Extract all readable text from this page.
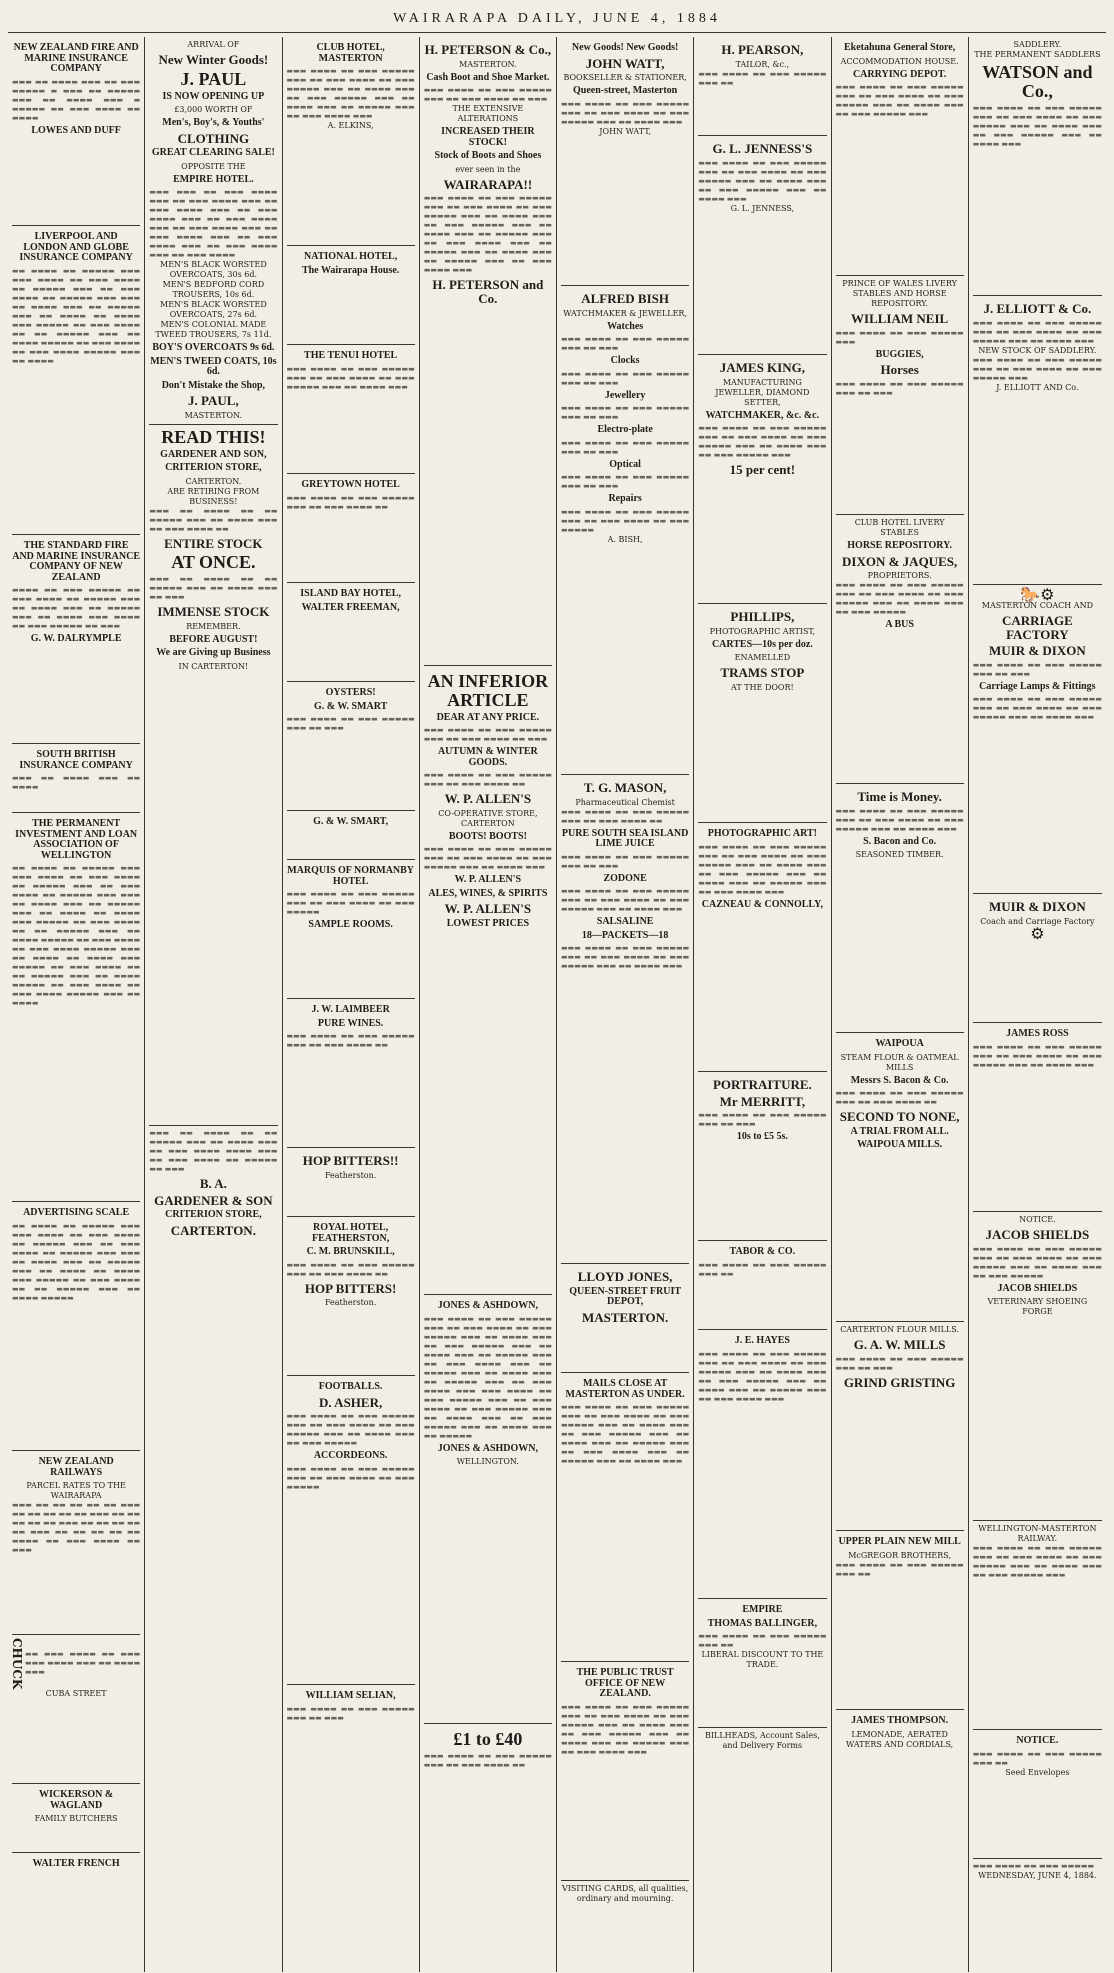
WAIRARAPA DAILY, JUNE 4, 1884
NEW ZEALAND FIRE AND MARINE INSURANCE COMPANY
▬▬▬ ▬▬ ▬▬▬▬ ▬▬▬ ▬▬ ▬▬▬ ▬▬▬▬▬ ▬ ▬▬▬ ▬▬ ▬▬▬▬▬ ▬▬▬ ▬▬ ▬▬▬▬ ▬▬▬ ▬ ▬▬▬▬▬ ▬▬ ▬▬▬ ▬▬▬▬ ▬▬ ▬▬▬▬
LOWES AND DUFF
LIVERPOOL AND LONDON AND GLOBE INSURANCE COMPANY
▬▬ ▬▬▬▬ ▬▬ ▬▬▬▬▬ ▬▬▬ ▬▬▬ ▬▬▬▬ ▬▬ ▬▬▬ ▬▬▬▬ ▬▬ ▬▬▬▬▬ ▬▬▬ ▬▬ ▬▬▬ ▬▬▬▬ ▬▬ ▬▬▬▬▬ ▬▬▬ ▬▬▬ ▬▬ ▬▬▬▬ ▬▬▬ ▬▬ ▬▬▬▬▬ ▬▬▬ ▬▬ ▬▬▬▬ ▬▬ ▬▬▬▬ ▬▬▬ ▬▬▬▬▬ ▬▬ ▬▬▬ ▬▬▬▬ ▬▬ ▬▬ ▬▬▬▬▬ ▬▬▬ ▬▬ ▬▬▬▬ ▬▬▬▬▬ ▬▬ ▬▬▬ ▬▬▬▬ ▬▬ ▬▬▬ ▬▬▬▬ ▬▬▬▬▬ ▬▬▬ ▬▬ ▬▬▬▬
THE STANDARD FIRE AND MARINE INSURANCE COMPANY OF NEW ZEALAND
▬▬▬▬ ▬▬ ▬▬▬ ▬▬▬▬▬ ▬▬ ▬▬▬ ▬▬▬▬ ▬▬ ▬▬▬▬▬ ▬▬▬ ▬▬ ▬▬▬▬ ▬▬▬ ▬▬ ▬▬▬▬▬ ▬▬▬ ▬▬ ▬▬▬▬ ▬▬▬ ▬▬▬▬ ▬▬ ▬▬▬ ▬▬▬▬▬ ▬▬ ▬▬▬
G. W. DALRYMPLE
SOUTH BRITISH INSURANCE COMPANY
▬▬▬ ▬▬ ▬▬▬▬ ▬▬▬ ▬▬ ▬▬▬▬
THE PERMANENT INVESTMENT AND LOAN ASSOCIATION OF WELLINGTON
▬▬ ▬▬▬▬ ▬▬ ▬▬▬▬▬ ▬▬▬ ▬▬▬ ▬▬▬▬ ▬▬ ▬▬▬ ▬▬▬▬ ▬▬ ▬▬▬▬▬ ▬▬▬ ▬▬ ▬▬▬ ▬▬▬▬ ▬▬ ▬▬▬▬▬ ▬▬▬ ▬▬▬ ▬▬ ▬▬▬▬ ▬▬▬ ▬▬ ▬▬▬▬▬ ▬▬▬ ▬▬ ▬▬▬▬ ▬▬ ▬▬▬▬ ▬▬▬ ▬▬▬▬▬ ▬▬ ▬▬▬ ▬▬▬▬ ▬▬ ▬▬ ▬▬▬▬▬ ▬▬▬ ▬▬ ▬▬▬▬ ▬▬▬▬▬ ▬▬ ▬▬▬ ▬▬▬▬ ▬▬ ▬▬▬ ▬▬▬▬ ▬▬▬▬▬ ▬▬▬ ▬▬ ▬▬▬▬ ▬▬ ▬▬▬▬ ▬▬▬ ▬▬▬▬▬ ▬▬ ▬▬▬ ▬▬▬▬ ▬▬ ▬▬ ▬▬▬▬▬ ▬▬▬ ▬▬ ▬▬▬▬ ▬▬▬▬▬ ▬▬ ▬▬▬ ▬▬▬▬ ▬▬ ▬▬▬ ▬▬▬▬ ▬▬▬▬▬ ▬▬▬ ▬▬ ▬▬▬▬
ADVERTISING SCALE
▬▬ ▬▬▬▬ ▬▬ ▬▬▬▬▬ ▬▬▬ ▬▬▬ ▬▬▬▬ ▬▬ ▬▬▬ ▬▬▬▬ ▬▬ ▬▬▬▬▬ ▬▬▬ ▬▬ ▬▬▬ ▬▬▬▬ ▬▬ ▬▬▬▬▬ ▬▬▬ ▬▬▬ ▬▬ ▬▬▬▬ ▬▬▬ ▬▬ ▬▬▬▬▬ ▬▬▬ ▬▬ ▬▬▬▬ ▬▬ ▬▬▬▬ ▬▬▬ ▬▬▬▬▬ ▬▬ ▬▬▬ ▬▬▬▬ ▬▬ ▬▬ ▬▬▬▬▬ ▬▬▬ ▬▬ ▬▬▬▬ ▬▬▬▬▬
NEW ZEALAND RAILWAYS
PARCEL RATES TO THE WAIRARAPA
▬▬▬ ▬▬ ▬▬ ▬▬ ▬▬ ▬▬ ▬▬▬ ▬▬ ▬▬ ▬▬ ▬▬ ▬▬ ▬▬▬ ▬▬ ▬▬ ▬▬ ▬▬ ▬▬ ▬▬▬ ▬▬ ▬▬ ▬▬ ▬▬ ▬▬ ▬▬▬ ▬▬ ▬▬ ▬▬ ▬▬ ▬▬ ▬▬▬▬ ▬▬ ▬▬▬ ▬▬▬▬ ▬▬ ▬▬▬
CHUCK ▬▬ ▬▬▬ ▬▬▬▬ ▬▬ ▬▬▬ ▬▬▬ ▬▬▬▬ ▬▬▬ ▬▬ ▬▬▬▬ ▬▬▬
CUBA STREET
WICKERSON & WAGLAND
FAMILY BUTCHERS
WALTER FRENCH
ARRIVAL OF
New Winter Goods!
J. PAUL
IS NOW OPENING UP
£3,000 WORTH OF
Men's, Boy's, & Youths'
CLOTHING
GREAT CLEARING SALE!
OPPOSITE THE
EMPIRE HOTEL.
▬▬▬ ▬▬▬ ▬▬ ▬▬▬ ▬▬▬▬ ▬▬▬ ▬▬ ▬▬▬ ▬▬▬▬ ▬▬▬ ▬▬ ▬▬▬ ▬▬▬▬ ▬▬▬ ▬▬ ▬▬▬ ▬▬▬▬ ▬▬▬ ▬▬ ▬▬▬ ▬▬▬▬ ▬▬▬ ▬▬ ▬▬▬ ▬▬▬▬ ▬▬▬ ▬▬ ▬▬▬ ▬▬▬▬ ▬▬▬ ▬▬ ▬▬▬ ▬▬▬▬ ▬▬▬ ▬▬ ▬▬▬ ▬▬▬▬ ▬▬▬ ▬▬ ▬▬▬ ▬▬▬▬
MEN'S BLACK WORSTED OVERCOATS, 30s 6d.
MEN'S BEDFORD CORD TROUSERS, 10s 6d.
MEN'S BLACK WORSTED OVERCOATS, 27s 6d.
MEN'S COLONIAL MADE TWEED TROUSERS, 7s 11d.
BOY'S OVERCOATS 9s 6d.
MEN'S TWEED COATS, 10s 6d.
Don't Mistake the Shop,
J. PAUL,
MASTERTON.
READ THIS!
GARDENER AND SON,
CRITERION STORE,
CARTERTON.
ARE RETIRING FROM BUSINESS!
▬▬▬ ▬▬ ▬▬▬▬ ▬▬ ▬▬ ▬▬▬▬▬ ▬▬▬ ▬▬ ▬▬▬▬ ▬▬▬ ▬▬ ▬▬▬ ▬▬▬▬ ▬▬
ENTIRE STOCK
AT ONCE.
▬▬▬ ▬▬ ▬▬▬▬ ▬▬ ▬▬ ▬▬▬▬▬ ▬▬▬ ▬▬ ▬▬▬▬ ▬▬▬ ▬▬ ▬▬▬
IMMENSE STOCK
REMEMBER.
BEFORE AUGUST!
We are Giving up Business
IN CARTERTON!
▬▬▬ ▬▬ ▬▬▬▬ ▬▬ ▬▬ ▬▬▬▬▬ ▬▬▬ ▬▬ ▬▬▬▬ ▬▬▬ ▬▬ ▬▬▬ ▬▬▬▬ ▬▬▬▬ ▬▬▬ ▬▬ ▬▬▬ ▬▬▬▬ ▬▬ ▬▬▬▬▬ ▬▬ ▬▬▬
B. A.
GARDENER & SON
CRITERION STORE,
CARTERTON.
CLUB HOTEL, MASTERTON
▬▬▬ ▬▬▬▬ ▬▬ ▬▬▬ ▬▬▬▬▬ ▬▬▬ ▬▬ ▬▬▬ ▬▬▬▬ ▬▬ ▬▬▬ ▬▬▬▬▬ ▬▬▬ ▬▬ ▬▬▬▬ ▬▬▬ ▬▬ ▬▬▬ ▬▬▬▬▬ ▬▬▬ ▬▬ ▬▬▬▬ ▬▬▬ ▬▬ ▬▬▬▬▬ ▬▬▬ ▬▬ ▬▬▬ ▬▬▬▬ ▬▬▬
A. ELKINS,
NATIONAL HOTEL,
The Wairarapa House.
THE TENUI HOTEL
▬▬▬ ▬▬▬▬ ▬▬ ▬▬▬ ▬▬▬▬▬ ▬▬▬ ▬▬ ▬▬▬ ▬▬▬▬ ▬▬ ▬▬▬ ▬▬▬▬▬ ▬▬▬ ▬▬ ▬▬▬▬ ▬▬▬
GREYTOWN HOTEL
▬▬▬ ▬▬▬▬ ▬▬ ▬▬▬ ▬▬▬▬▬ ▬▬▬ ▬▬ ▬▬▬ ▬▬▬▬ ▬▬
ISLAND BAY HOTEL,
WALTER FREEMAN,
OYSTERS!
G. & W. SMART
▬▬▬ ▬▬▬▬ ▬▬ ▬▬▬ ▬▬▬▬▬ ▬▬▬ ▬▬ ▬▬▬
G. & W. SMART,
MARQUIS OF NORMANBY HOTEL
▬▬▬ ▬▬▬▬ ▬▬ ▬▬▬ ▬▬▬▬▬ ▬▬▬ ▬▬ ▬▬▬ ▬▬▬▬ ▬▬ ▬▬▬ ▬▬▬▬▬
SAMPLE ROOMS.
J. W. LAIMBEER
PURE WINES.
▬▬▬ ▬▬▬▬ ▬▬ ▬▬▬ ▬▬▬▬▬ ▬▬▬ ▬▬ ▬▬▬ ▬▬▬▬ ▬▬
HOP BITTERS!!
Featherston.
ROYAL HOTEL, FEATHERSTON,
C. M. BRUNSKILL,
▬▬▬ ▬▬▬▬ ▬▬ ▬▬▬ ▬▬▬▬▬ ▬▬▬ ▬▬ ▬▬▬ ▬▬▬▬ ▬▬
HOP BITTERS!
Featherston.
FOOTBALLS.
D. ASHER,
▬▬▬ ▬▬▬▬ ▬▬ ▬▬▬ ▬▬▬▬▬ ▬▬▬ ▬▬ ▬▬▬ ▬▬▬▬ ▬▬ ▬▬▬ ▬▬▬▬▬ ▬▬▬ ▬▬ ▬▬▬▬ ▬▬▬ ▬▬ ▬▬▬ ▬▬▬▬▬
ACCORDEONS.
▬▬▬ ▬▬▬▬ ▬▬ ▬▬▬ ▬▬▬▬▬ ▬▬▬ ▬▬ ▬▬▬ ▬▬▬▬ ▬▬ ▬▬▬ ▬▬▬▬▬
WILLIAM SELIAN,
▬▬▬ ▬▬▬▬ ▬▬ ▬▬▬ ▬▬▬▬▬ ▬▬▬ ▬▬ ▬▬▬
H. PETERSON & Co.,
MASTERTON.
Cash Boot and Shoe Market.
▬▬▬ ▬▬▬▬ ▬▬ ▬▬▬ ▬▬▬▬▬ ▬▬▬ ▬▬ ▬▬▬ ▬▬▬▬ ▬▬ ▬▬▬
THE EXTENSIVE ALTERATIONS
INCREASED THEIR STOCK!
Stock of Boots and Shoes
ever seen in the
WAIRARAPA!!
▬▬▬ ▬▬▬▬ ▬▬ ▬▬▬ ▬▬▬▬▬ ▬▬▬ ▬▬ ▬▬▬ ▬▬▬▬ ▬▬ ▬▬▬ ▬▬▬▬▬ ▬▬▬ ▬▬ ▬▬▬▬ ▬▬▬ ▬▬ ▬▬▬ ▬▬▬▬▬ ▬▬▬ ▬▬ ▬▬▬▬ ▬▬▬ ▬▬ ▬▬▬▬▬ ▬▬▬ ▬▬ ▬▬▬ ▬▬▬▬ ▬▬▬ ▬▬ ▬▬▬▬▬ ▬▬▬ ▬▬ ▬▬▬▬ ▬▬▬ ▬▬ ▬▬▬▬▬ ▬▬▬ ▬▬ ▬▬▬ ▬▬▬▬ ▬▬▬
H. PETERSON and Co.
AN INFERIOR ARTICLE
DEAR AT ANY PRICE.
▬▬▬ ▬▬▬▬ ▬▬ ▬▬▬ ▬▬▬▬▬ ▬▬▬ ▬▬ ▬▬▬ ▬▬▬▬ ▬▬ ▬▬▬
AUTUMN & WINTER GOODS.
▬▬▬ ▬▬▬▬ ▬▬ ▬▬▬ ▬▬▬▬▬ ▬▬▬ ▬▬ ▬▬▬ ▬▬▬▬ ▬▬
W. P. ALLEN'S
CO-OPERATIVE STORE, CARTERTON
BOOTS! BOOTS!
▬▬▬ ▬▬▬▬ ▬▬ ▬▬▬ ▬▬▬▬▬ ▬▬▬ ▬▬ ▬▬▬ ▬▬▬▬ ▬▬ ▬▬▬ ▬▬▬▬▬ ▬▬▬ ▬▬ ▬▬▬▬ ▬▬▬
W. P. ALLEN'S
ALES, WINES, & SPIRITS
W. P. ALLEN'S
LOWEST PRICES
JONES & ASHDOWN,
▬▬▬ ▬▬▬▬ ▬▬ ▬▬▬ ▬▬▬▬▬ ▬▬▬ ▬▬ ▬▬▬ ▬▬▬▬ ▬▬ ▬▬▬ ▬▬▬▬▬ ▬▬▬ ▬▬ ▬▬▬▬ ▬▬▬ ▬▬ ▬▬▬ ▬▬▬▬▬ ▬▬▬ ▬▬ ▬▬▬▬ ▬▬▬ ▬▬ ▬▬▬▬▬ ▬▬▬ ▬▬ ▬▬▬ ▬▬▬▬ ▬▬▬ ▬▬ ▬▬▬▬▬ ▬▬▬ ▬▬ ▬▬▬▬ ▬▬▬ ▬▬ ▬▬▬▬▬ ▬▬▬ ▬▬ ▬▬▬ ▬▬▬▬ ▬▬▬ ▬▬▬ ▬▬▬▬ ▬▬ ▬▬▬ ▬▬▬▬▬ ▬▬▬ ▬▬ ▬▬▬ ▬▬▬▬ ▬▬ ▬▬▬ ▬▬▬▬▬ ▬▬▬ ▬▬ ▬▬▬▬ ▬▬▬ ▬▬ ▬▬▬ ▬▬▬▬▬ ▬▬▬ ▬▬ ▬▬▬▬ ▬▬▬ ▬▬ ▬▬▬▬▬
JONES & ASHDOWN,
WELLINGTON.
£1 to £40
▬▬▬ ▬▬▬▬ ▬▬ ▬▬▬ ▬▬▬▬▬ ▬▬▬ ▬▬ ▬▬▬ ▬▬▬▬ ▬▬
New Goods! New Goods!
JOHN WATT,
BOOKSELLER & STATIONER,
Queen-street, Masterton
▬▬▬ ▬▬▬▬ ▬▬ ▬▬▬ ▬▬▬▬▬ ▬▬▬ ▬▬ ▬▬▬ ▬▬▬▬ ▬▬ ▬▬▬ ▬▬▬▬▬ ▬▬▬ ▬▬ ▬▬▬▬ ▬▬▬
JOHN WATT,
ALFRED BISH
WATCHMAKER & JEWELLER,
Watches
▬▬▬ ▬▬▬▬ ▬▬ ▬▬▬ ▬▬▬▬▬ ▬▬▬ ▬▬ ▬▬▬
Clocks
▬▬▬ ▬▬▬▬ ▬▬ ▬▬▬ ▬▬▬▬▬ ▬▬▬ ▬▬ ▬▬▬
Jewellery
▬▬▬ ▬▬▬▬ ▬▬ ▬▬▬ ▬▬▬▬▬ ▬▬▬ ▬▬ ▬▬▬
Electro-plate
▬▬▬ ▬▬▬▬ ▬▬ ▬▬▬ ▬▬▬▬▬ ▬▬▬ ▬▬ ▬▬▬
Optical
▬▬▬ ▬▬▬▬ ▬▬ ▬▬▬ ▬▬▬▬▬ ▬▬▬ ▬▬ ▬▬▬
Repairs
▬▬▬ ▬▬▬▬ ▬▬ ▬▬▬ ▬▬▬▬▬ ▬▬▬ ▬▬ ▬▬▬ ▬▬▬▬ ▬▬ ▬▬▬ ▬▬▬▬▬
A. BISH,
T. G. MASON,
Pharmaceutical Chemist
▬▬▬ ▬▬▬▬ ▬▬ ▬▬▬ ▬▬▬▬▬ ▬▬▬ ▬▬ ▬▬▬ ▬▬▬▬ ▬▬
PURE SOUTH SEA ISLAND LIME JUICE
▬▬▬ ▬▬▬▬ ▬▬ ▬▬▬ ▬▬▬▬▬ ▬▬▬ ▬▬ ▬▬▬
ZODONE
▬▬▬ ▬▬▬▬ ▬▬ ▬▬▬ ▬▬▬▬▬ ▬▬▬ ▬▬ ▬▬▬ ▬▬▬▬ ▬▬ ▬▬▬ ▬▬▬▬▬ ▬▬▬ ▬▬ ▬▬▬▬ ▬▬▬
SALSALINE
18—PACKETS—18
▬▬▬ ▬▬▬▬ ▬▬ ▬▬▬ ▬▬▬▬▬ ▬▬▬ ▬▬ ▬▬▬ ▬▬▬▬ ▬▬ ▬▬▬ ▬▬▬▬▬ ▬▬▬ ▬▬ ▬▬▬▬ ▬▬▬
LLOYD JONES,
QUEEN-STREET FRUIT DEPOT,
MASTERTON.
MAILS CLOSE AT MASTERTON AS UNDER.
▬▬▬ ▬▬▬▬ ▬▬ ▬▬▬ ▬▬▬▬▬ ▬▬▬ ▬▬ ▬▬▬ ▬▬▬▬ ▬▬ ▬▬▬ ▬▬▬▬▬ ▬▬▬ ▬▬ ▬▬▬▬ ▬▬▬ ▬▬ ▬▬▬ ▬▬▬▬▬ ▬▬▬ ▬▬ ▬▬▬▬ ▬▬▬ ▬▬ ▬▬▬▬▬ ▬▬▬ ▬▬ ▬▬▬ ▬▬▬▬ ▬▬▬ ▬▬ ▬▬▬▬▬ ▬▬▬ ▬▬ ▬▬▬▬ ▬▬▬
THE PUBLIC TRUST OFFICE OF NEW ZEALAND.
▬▬▬ ▬▬▬▬ ▬▬ ▬▬▬ ▬▬▬▬▬ ▬▬▬ ▬▬ ▬▬▬ ▬▬▬▬ ▬▬ ▬▬▬ ▬▬▬▬▬ ▬▬▬ ▬▬ ▬▬▬▬ ▬▬▬ ▬▬ ▬▬▬ ▬▬▬▬▬ ▬▬▬ ▬▬ ▬▬▬▬ ▬▬▬ ▬▬ ▬▬▬▬▬ ▬▬▬ ▬▬ ▬▬▬ ▬▬▬▬ ▬▬▬
VISITING CARDS, all qualities, ordinary and mourning.
H. PEARSON,
TAILOR, &c.,
▬▬▬ ▬▬▬▬ ▬▬ ▬▬▬ ▬▬▬▬▬ ▬▬▬ ▬▬
G. L. JENNESS'S
▬▬▬ ▬▬▬▬ ▬▬ ▬▬▬ ▬▬▬▬▬ ▬▬▬ ▬▬ ▬▬▬ ▬▬▬▬ ▬▬ ▬▬▬ ▬▬▬▬▬ ▬▬▬ ▬▬ ▬▬▬▬ ▬▬▬ ▬▬ ▬▬▬ ▬▬▬▬▬ ▬▬▬ ▬▬ ▬▬▬▬ ▬▬▬
G. L. JENNESS,
JAMES KING,
MANUFACTURING JEWELLER, DIAMOND SETTER,
WATCHMAKER, &c. &c.
▬▬▬ ▬▬▬▬ ▬▬ ▬▬▬ ▬▬▬▬▬ ▬▬▬ ▬▬ ▬▬▬ ▬▬▬▬ ▬▬ ▬▬▬ ▬▬▬▬▬ ▬▬▬ ▬▬ ▬▬▬▬ ▬▬▬ ▬▬ ▬▬▬ ▬▬▬▬▬ ▬▬▬
15 per cent!
PHILLIPS,
PHOTOGRAPHIC ARTIST,
CARTES—10s per doz.
ENAMELLED
TRAMS STOP
AT THE DOOR!
PHOTOGRAPHIC ART!
▬▬▬ ▬▬▬▬ ▬▬ ▬▬▬ ▬▬▬▬▬ ▬▬▬ ▬▬ ▬▬▬ ▬▬▬▬ ▬▬ ▬▬▬ ▬▬▬▬▬ ▬▬▬ ▬▬ ▬▬▬▬ ▬▬▬ ▬▬ ▬▬▬ ▬▬▬▬▬ ▬▬▬ ▬▬ ▬▬▬▬ ▬▬▬ ▬▬ ▬▬▬▬▬ ▬▬▬ ▬▬ ▬▬▬ ▬▬▬▬ ▬▬▬
CAZNEAU & CONNOLLY,
PORTRAITURE.
Mr MERRITT,
▬▬▬ ▬▬▬▬ ▬▬ ▬▬▬ ▬▬▬▬▬ ▬▬▬ ▬▬ ▬▬▬
10s to £5 5s.
TABOR & CO.
▬▬▬ ▬▬▬▬ ▬▬ ▬▬▬ ▬▬▬▬▬ ▬▬▬ ▬▬
J. E. HAYES
▬▬▬ ▬▬▬▬ ▬▬ ▬▬▬ ▬▬▬▬▬ ▬▬▬ ▬▬ ▬▬▬ ▬▬▬▬ ▬▬ ▬▬▬ ▬▬▬▬▬ ▬▬▬ ▬▬ ▬▬▬▬ ▬▬▬ ▬▬ ▬▬▬ ▬▬▬▬▬ ▬▬▬ ▬▬ ▬▬▬▬ ▬▬▬ ▬▬ ▬▬▬▬▬ ▬▬▬ ▬▬ ▬▬▬ ▬▬▬▬ ▬▬▬
EMPIRE
THOMAS BALLINGER,
▬▬▬ ▬▬▬▬ ▬▬ ▬▬▬ ▬▬▬▬▬ ▬▬▬ ▬▬
LIBERAL DISCOUNT TO THE TRADE.
BILLHEADS, Account Sales, and Delivery Forms
Eketahuna General Store,
ACCOMMODATION HOUSE.
CARRYING DEPOT.
▬▬▬ ▬▬▬▬ ▬▬ ▬▬▬ ▬▬▬▬▬ ▬▬▬ ▬▬ ▬▬▬ ▬▬▬▬ ▬▬ ▬▬▬ ▬▬▬▬▬ ▬▬▬ ▬▬ ▬▬▬▬ ▬▬▬ ▬▬ ▬▬▬ ▬▬▬▬▬ ▬▬▬
PRINCE OF WALES LIVERY STABLES AND HORSE REPOSITORY.
WILLIAM NEIL
▬▬▬ ▬▬▬▬ ▬▬ ▬▬▬ ▬▬▬▬▬ ▬▬▬
BUGGIES,
Horses
▬▬▬ ▬▬▬▬ ▬▬ ▬▬▬ ▬▬▬▬▬ ▬▬▬ ▬▬ ▬▬▬
CLUB HOTEL LIVERY STABLES
HORSE REPOSITORY.
DIXON & JAQUES,
PROPRIETORS.
▬▬▬ ▬▬▬▬ ▬▬ ▬▬▬ ▬▬▬▬▬ ▬▬▬ ▬▬ ▬▬▬ ▬▬▬▬ ▬▬ ▬▬▬ ▬▬▬▬▬ ▬▬▬ ▬▬ ▬▬▬▬ ▬▬▬ ▬▬ ▬▬▬ ▬▬▬▬▬
A BUS
Time is Money.
▬▬▬ ▬▬▬▬ ▬▬ ▬▬▬ ▬▬▬▬▬ ▬▬▬ ▬▬ ▬▬▬ ▬▬▬▬ ▬▬ ▬▬▬ ▬▬▬▬▬ ▬▬▬ ▬▬ ▬▬▬▬ ▬▬▬
S. Bacon and Co.
SEASONED TIMBER.
WAIPOUA
STEAM FLOUR & OATMEAL MILLS
Messrs S. Bacon & Co.
▬▬▬ ▬▬▬▬ ▬▬ ▬▬▬ ▬▬▬▬▬ ▬▬▬ ▬▬ ▬▬▬ ▬▬▬▬ ▬▬
SECOND TO NONE,
A TRIAL FROM ALL.
WAIPOUA MILLS.
CARTERTON FLOUR MILLS.
G. A. W. MILLS
▬▬▬ ▬▬▬▬ ▬▬ ▬▬▬ ▬▬▬▬▬ ▬▬▬ ▬▬ ▬▬▬
GRIND GRISTING
UPPER PLAIN NEW MILL
McGREGOR BROTHERS,
▬▬▬ ▬▬▬▬ ▬▬ ▬▬▬ ▬▬▬▬▬ ▬▬▬ ▬▬
JAMES THOMPSON.
LEMONADE, AERATED WATERS AND CORDIALS,
SADDLERY.
THE PERMANENT SADDLERS
WATSON and Co.,
▬▬▬ ▬▬▬▬ ▬▬ ▬▬▬ ▬▬▬▬▬ ▬▬▬ ▬▬ ▬▬▬ ▬▬▬▬ ▬▬ ▬▬▬ ▬▬▬▬▬ ▬▬▬ ▬▬ ▬▬▬▬ ▬▬▬ ▬▬ ▬▬▬ ▬▬▬▬▬ ▬▬▬ ▬▬ ▬▬▬▬ ▬▬▬
J. ELLIOTT & Co.
▬▬▬ ▬▬▬▬ ▬▬ ▬▬▬ ▬▬▬▬▬ ▬▬▬ ▬▬ ▬▬▬ ▬▬▬▬ ▬▬ ▬▬▬ ▬▬▬▬▬ ▬▬▬ ▬▬ ▬▬▬▬ ▬▬▬
NEW STOCK OF SADDLERY.
▬▬▬ ▬▬▬▬ ▬▬ ▬▬▬ ▬▬▬▬▬ ▬▬▬ ▬▬ ▬▬▬ ▬▬▬▬ ▬▬ ▬▬▬ ▬▬▬▬▬ ▬▬▬
J. ELLIOTT AND Co.
🐎⚙
MASTERTON COACH AND
CARRIAGE FACTORY
MUIR & DIXON
▬▬▬ ▬▬▬▬ ▬▬ ▬▬▬ ▬▬▬▬▬ ▬▬▬ ▬▬ ▬▬▬
Carriage Lamps & Fittings
▬▬▬ ▬▬▬▬ ▬▬ ▬▬▬ ▬▬▬▬▬ ▬▬▬ ▬▬ ▬▬▬ ▬▬▬▬ ▬▬ ▬▬▬ ▬▬▬▬▬ ▬▬▬ ▬▬ ▬▬▬▬ ▬▬▬
MUIR & DIXON
Coach and Carriage Factory
⚙
JAMES ROSS
▬▬▬ ▬▬▬▬ ▬▬ ▬▬▬ ▬▬▬▬▬ ▬▬▬ ▬▬ ▬▬▬ ▬▬▬▬ ▬▬ ▬▬▬ ▬▬▬▬▬ ▬▬▬ ▬▬ ▬▬▬▬ ▬▬▬
NOTICE.
JACOB SHIELDS
▬▬▬ ▬▬▬▬ ▬▬ ▬▬▬ ▬▬▬▬▬ ▬▬▬ ▬▬ ▬▬▬ ▬▬▬▬ ▬▬ ▬▬▬ ▬▬▬▬▬ ▬▬▬ ▬▬ ▬▬▬▬ ▬▬▬ ▬▬ ▬▬▬ ▬▬▬▬▬
JACOB SHIELDS
VETERINARY SHOEING FORGE
WELLINGTON-MASTERTON RAILWAY.
▬▬▬ ▬▬▬▬ ▬▬ ▬▬▬ ▬▬▬▬▬ ▬▬▬ ▬▬ ▬▬▬ ▬▬▬▬ ▬▬ ▬▬▬ ▬▬▬▬▬ ▬▬▬ ▬▬ ▬▬▬▬ ▬▬▬ ▬▬ ▬▬▬ ▬▬▬▬▬ ▬▬▬
NOTICE.
▬▬▬ ▬▬▬▬ ▬▬ ▬▬▬ ▬▬▬▬▬ ▬▬▬ ▬▬
Seed Envelopes
▬▬▬ ▬▬▬▬ ▬▬ ▬▬▬ ▬▬▬▬▬
WEDNESDAY, JUNE 4, 1884.
